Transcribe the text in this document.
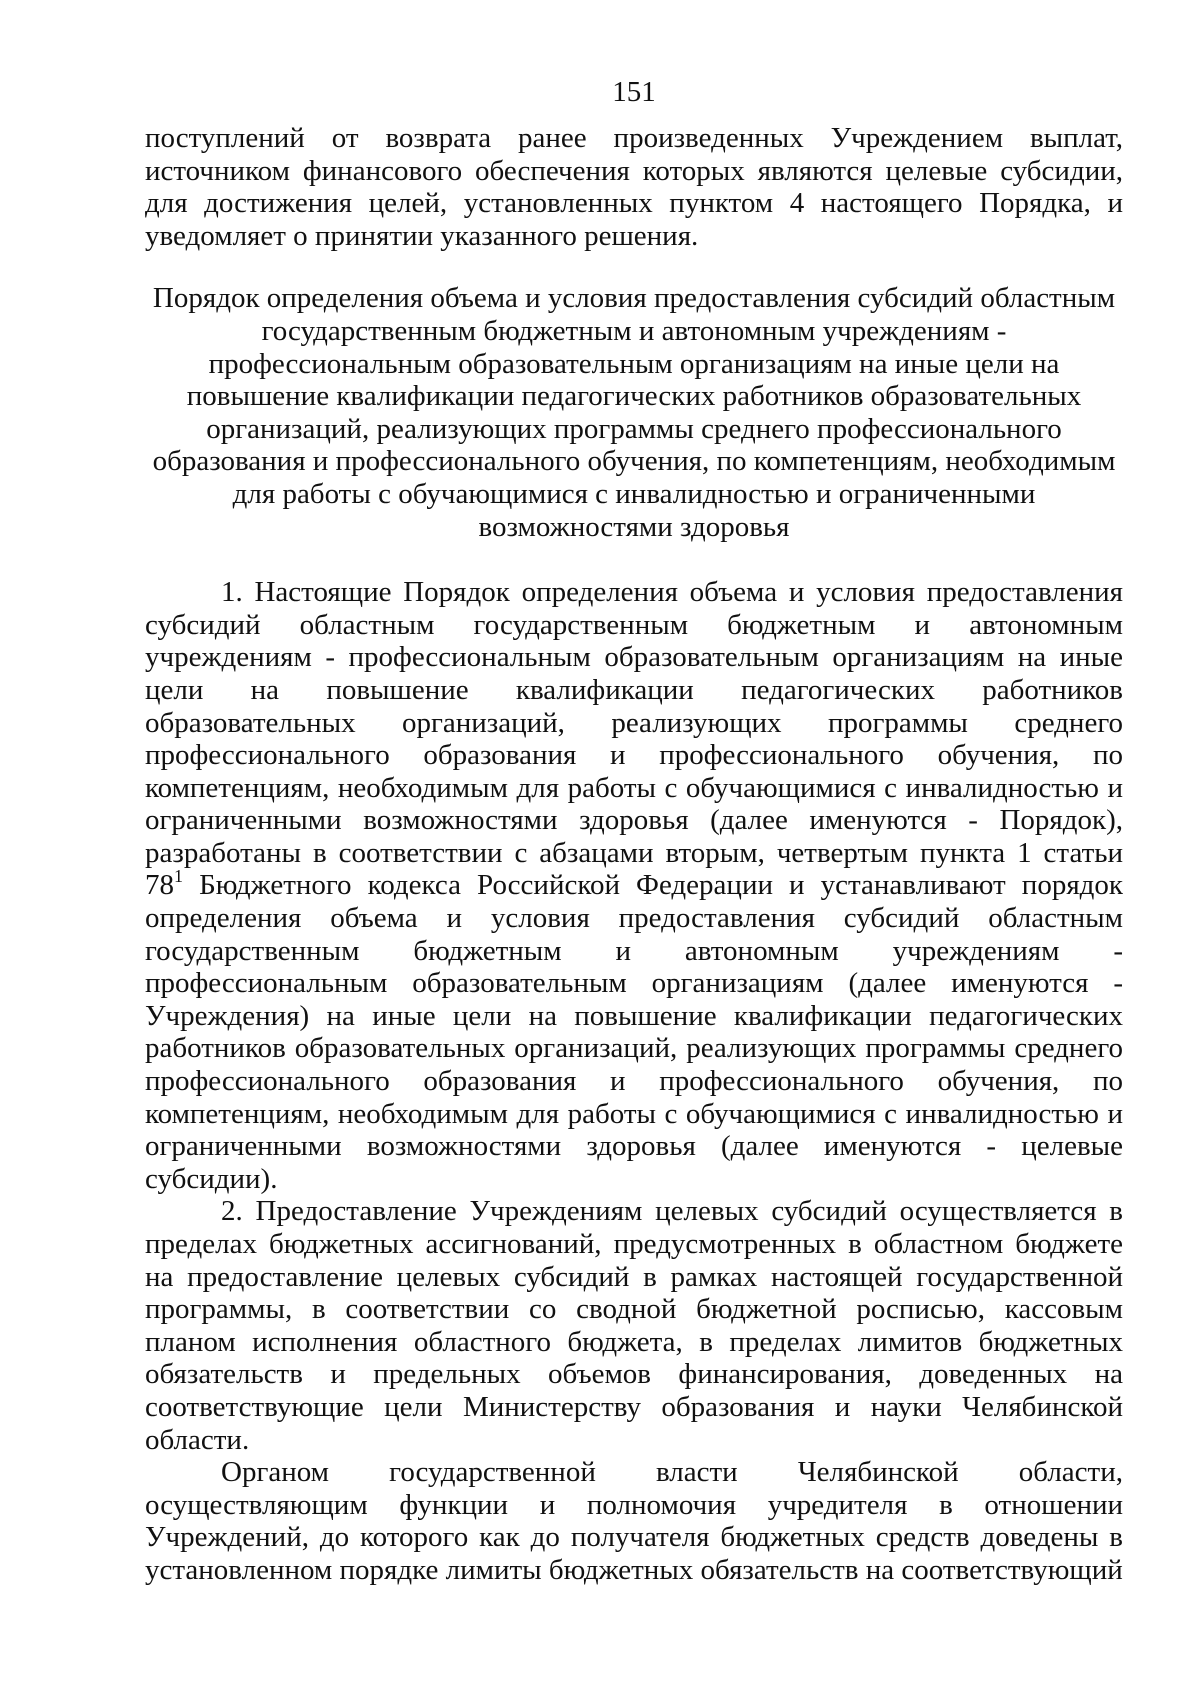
151

поступлений от возврата ранее произведенных Учреждением выплат, источником финансового обеспечения которых являются целевые субсидии, для достижения целей, установленных пунктом 4 настоящего Порядка, и уведомляет о принятии указанного решения.

Порядок определения объема и условия предоставления субсидий областным
государственным бюджетным и автономным учреждениям -
профессиональным образовательным организациям на иные цели на
повышение квалификации педагогических работников образовательных
организаций, реализующих программы среднего профессионального
образования и профессионального обучения, по компетенциям, необходимым
для работы с обучающимися с инвалидностью и ограниченными
возможностями здоровья

1. Настоящие Порядок определения объема и условия предоставления субсидий областным государственным бюджетным и автономным учреждениям - профессиональным образовательным организациям на иные цели на повышение квалификации педагогических работников образовательных организаций, реализующих программы среднего профессионального образования и профессионального обучения, по компетенциям, необходимым для работы с обучающимися с инвалидностью и ограниченными возможностями здоровья (далее именуются - Порядок), разработаны в соответствии с абзацами вторым, четвертым пункта 1 статьи $78^1$ Бюджетного кодекса Российской Федерации и устанавливают порядок определения объема и условия предоставления субсидий областным государственным бюджетным и автономным учреждениям - профессиональным образовательным организациям (далее именуются - Учреждения) на иные цели на повышение квалификации педагогических работников образовательных организаций, реализующих программы среднего профессионального образования и профессионального обучения, по компетенциям, необходимым для работы с обучающимися с инвалидностью и ограниченными возможностями здоровья (далее именуются - целевые субсидии).

2. Предоставление Учреждениям целевых субсидий осуществляется в пределах бюджетных ассигнований, предусмотренных в областном бюджете на предоставление целевых субсидий в рамках настоящей государственной программы, в соответствии со сводной бюджетной росписью, кассовым планом исполнения областного бюджета, в пределах лимитов бюджетных обязательств и предельных объемов финансирования, доведенных на соответствующие цели Министерству образования и науки Челябинской области.

Органом государственной власти Челябинской области, осуществляющим функции и полномочия учредителя в отношении Учреждений, до которого как до получателя бюджетных средств доведены в установленном порядке лимиты бюджетных обязательств на соответствующий
